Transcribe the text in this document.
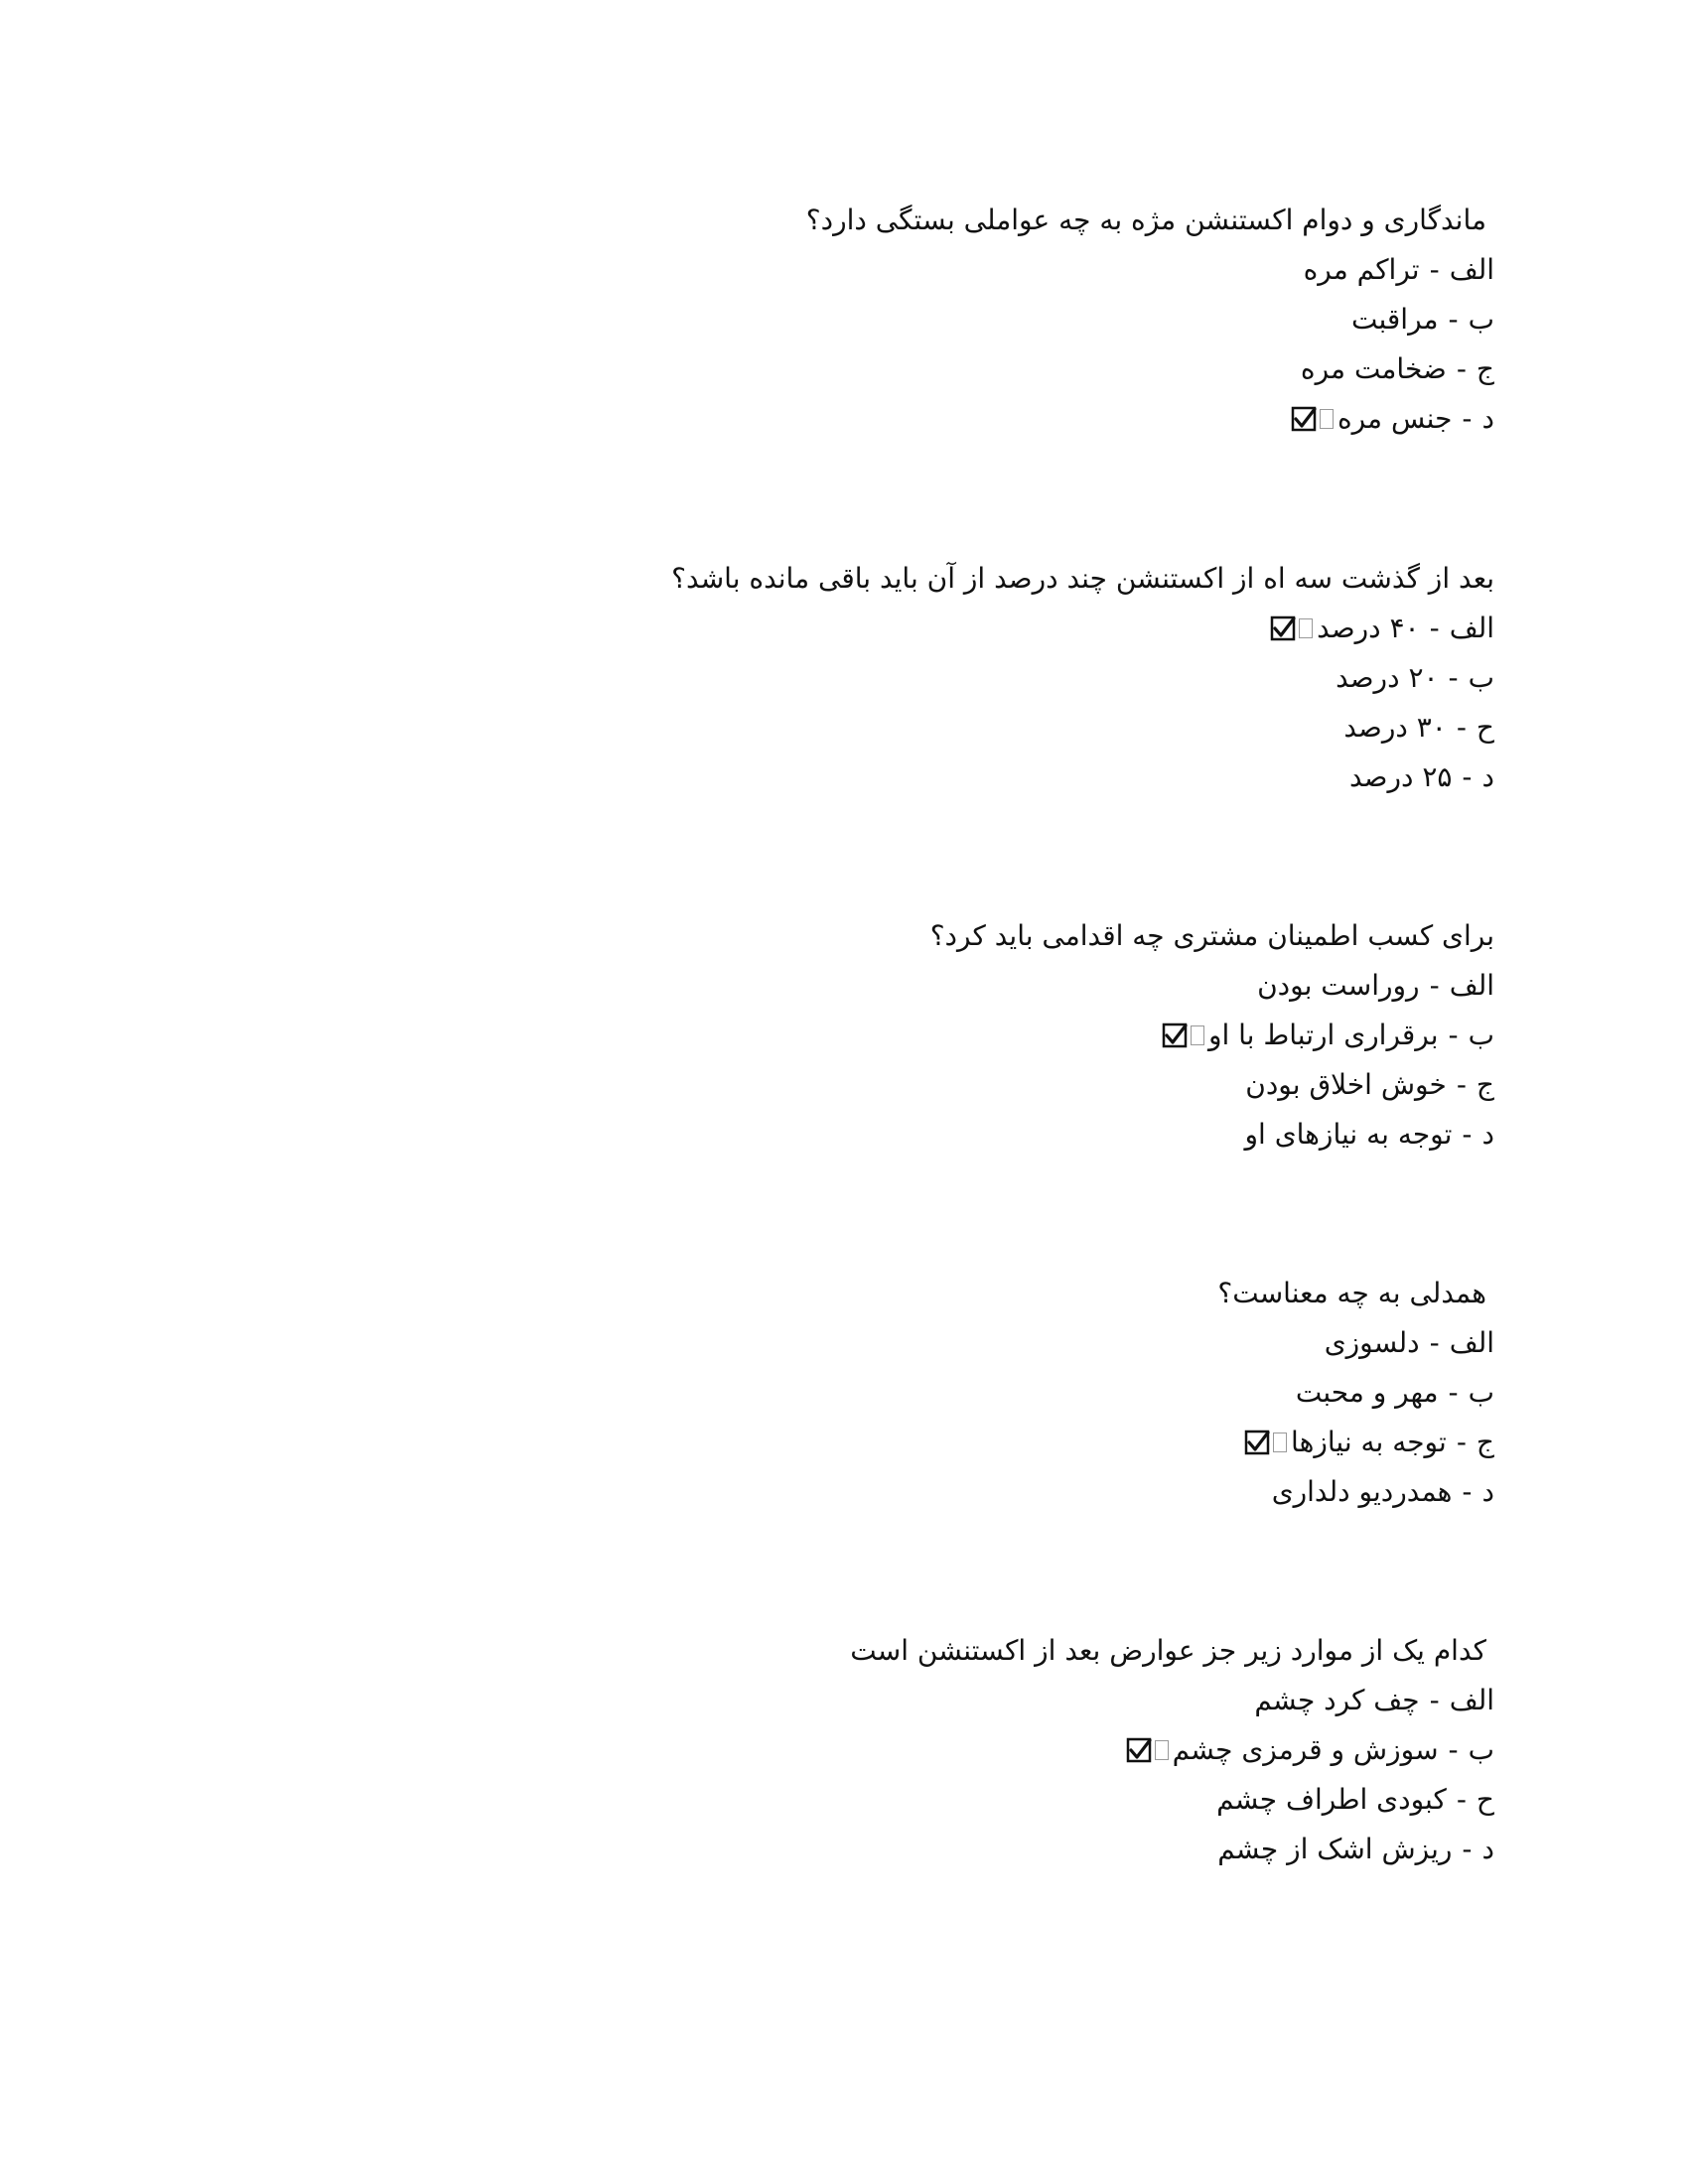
ماندگاری و دوام اکستنشن مژه به چه عواملی بستگی دارد؟

الف
-
تراکم مره
ب
-
مراقبت
ج
-
ضخامت مره
د
-
جنس مره

بعد از گذشت سه اه از اکستنشن چند درصد از آن باید باقی مانده باشد؟

الف
-
۴۰ درصد
ب
-
۲۰ درصد
ح
-
۳۰ درصد
د
-
۲۵ درصد

برای کسب اطمینان مشتری چه اقدامی باید کرد؟

الف
-
روراست بودن
ب
-
برقراری ارتباط با او
ج
-
خوش اخلاق بودن
د
-
توجه به نیازهای او

همدلی به چه معناست؟

الف
-
دلسوزی
ب
-
مهر و محبت
ج
-
توجه به نیازها
د
-
همدردیو دلداری

کدام یک از موارد زیر جز عوارض بعد از اکستنشن است

الف
-
چف کرد چشم
ب
-
سوزش و قرمزی چشم
ح
-
کبودی اطراف چشم
د
-
ریزش اشک از چشم
